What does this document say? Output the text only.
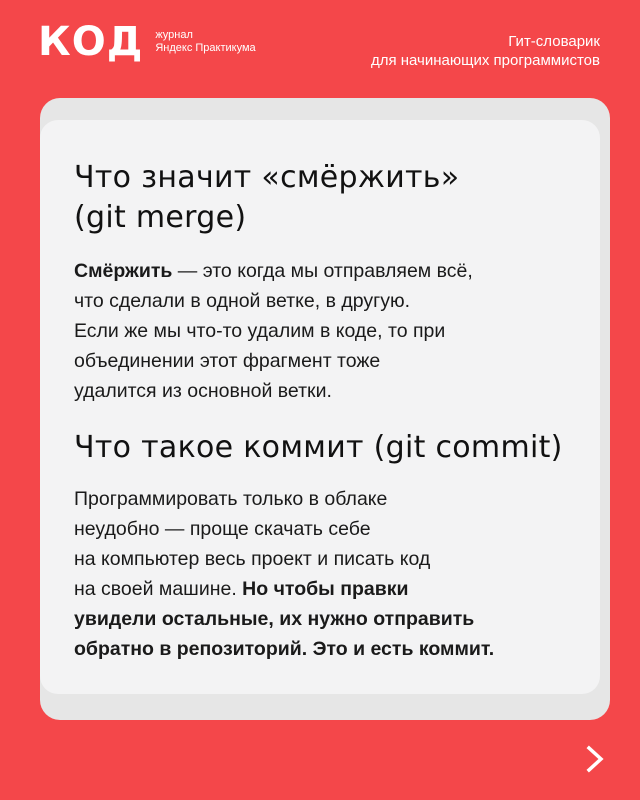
КОД журнал
Яндекс Практикума	Гит-словарик
для начинающих программистов
Что значит «смёржить»
(git merge)

Смёржить — это когда мы отправляем всё,
что сделали в одной ветке, в другую.
Если же мы что-то удалим в коде, то при
объединении этот фрагмент тоже
удалится из основной ветки.

Что такое коммит (git commit)

Программировать только в облаке
неудобно — проще скачать себе
на компьютер весь проект и писать код
на своей машине. Но чтобы правки
увидели остальные, их нужно отправить
обратно в репозиторий. Это и есть коммит.
